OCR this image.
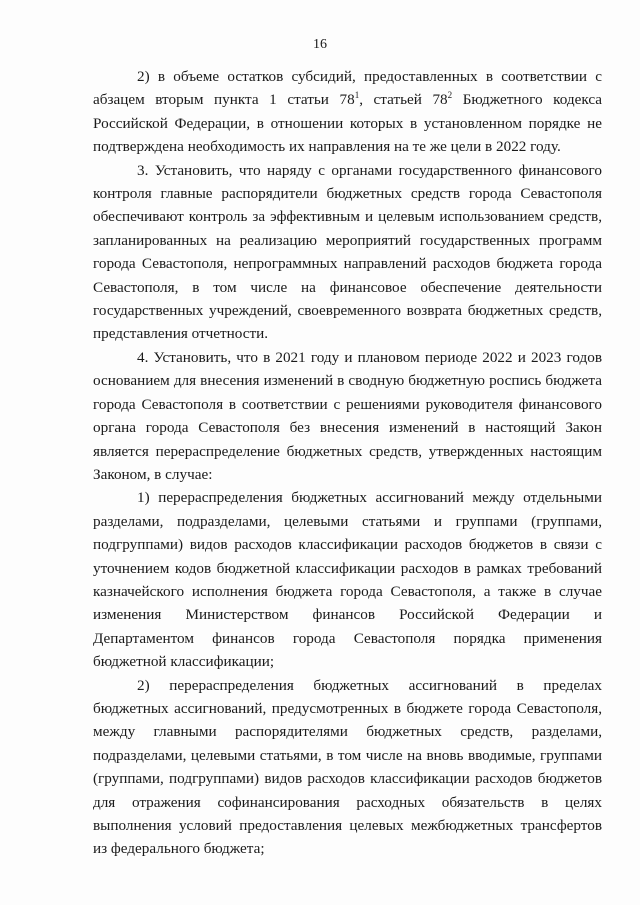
16

2) в объеме остатков субсидий, предоставленных в соответствии с абзацем вторым пункта 1 статьи $78^1$, статьей $78^2$ Бюджетного кодекса Российской Федерации, в отношении которых в установленном порядке не подтверждена необходимость их направления на те же цели в 2022 году.

3. Установить, что наряду с органами государственного финансового контроля главные распорядители бюджетных средств города Севастополя обеспечивают контроль за эффективным и целевым использованием средств, запланированных на реализацию мероприятий государственных программ города Севастополя, непрограммных направлений расходов бюджета города Севастополя, в том числе на финансовое обеспечение деятельности государственных учреждений, своевременного возврата бюджетных средств, представления отчетности.

4. Установить, что в 2021 году и плановом периоде 2022 и 2023 годов основанием для внесения изменений в сводную бюджетную роспись бюджета города Севастополя в соответствии с решениями руководителя финансового органа города Севастополя без внесения изменений в настоящий Закон является перераспределение бюджетных средств, утвержденных настоящим Законом, в случае:

1) перераспределения бюджетных ассигнований между отдельными разделами, подразделами, целевыми статьями и группами (группами, подгруппами) видов расходов классификации расходов бюджетов в связи с уточнением кодов бюджетной классификации расходов в рамках требований казначейского исполнения бюджета города Севастополя, а также в случае изменения Министерством финансов Российской Федерации и Департаментом финансов города Севастополя порядка применения бюджетной классификации;

2) перераспределения бюджетных ассигнований в пределах бюджетных ассигнований, предусмотренных в бюджете города Севастополя, между главными распорядителями бюджетных средств, разделами, подразделами, целевыми статьями, в том числе на вновь вводимые, группами (группами, подгруппами) видов расходов классификации расходов бюджетов для отражения софинансирования расходных обязательств в целях выполнения условий предоставления целевых межбюджетных трансфертов из федерального бюджета;
